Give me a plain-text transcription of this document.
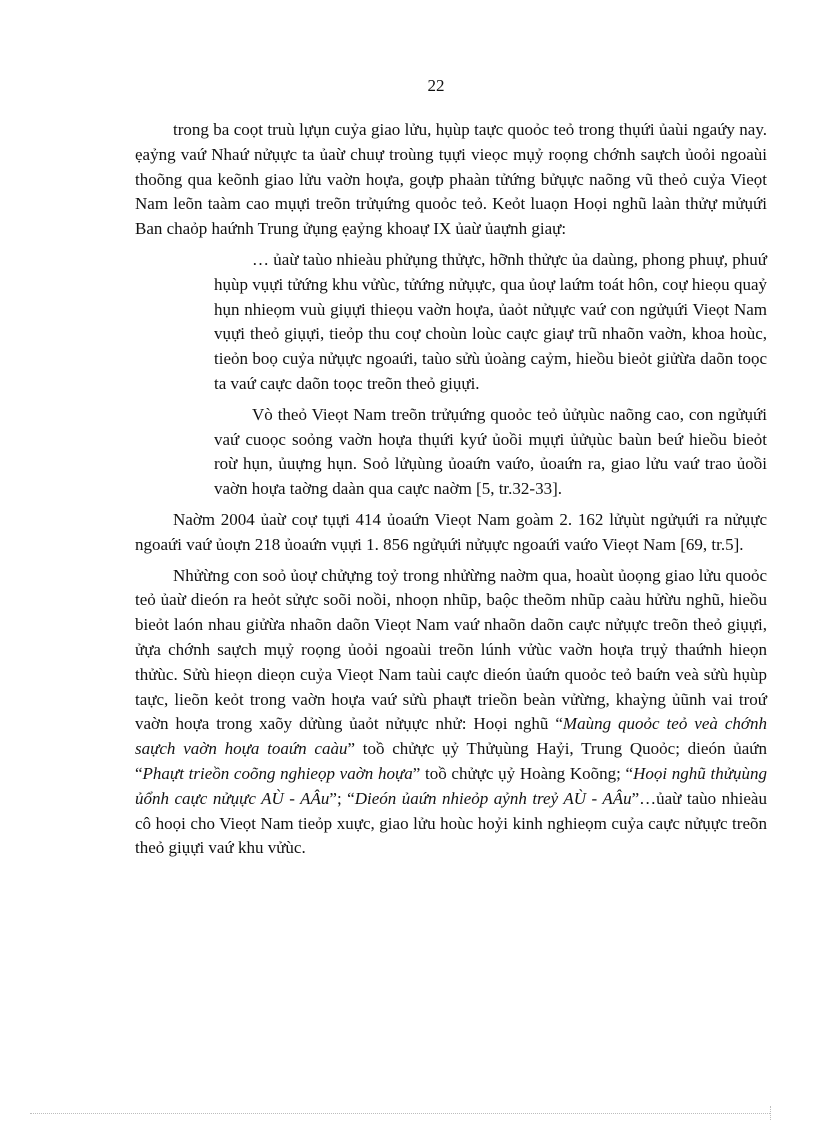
22

trong ba coọt truù lựụn cuỷa giao lửu, hụùp taực quoỏc teỏ trong thụứi ủaùi ngaứy nay. ẹaỷng vaứ Nhaứ nửụực ta ủaừ chuự troùng tụựi vieọc mụỷ roọng chớnh saựch ủoỏi ngoaùi thoõng qua keõnh giao lửu vaờn hoựa, goựp phaàn tửứng bửụực naõng vũ theỏ cuỷa Vieọt Nam leõn taàm cao mụựi treõn trửụứng quoỏc teỏ. Keỏt luaọn Hoọi nghũ laàn thửự mửụứi Ban chaỏp haứnh Trung ửụng ẹaỷng khoaự IX ủaừ ủaựnh giaự:

… ủaừ taùo nhieàu phửụng thửực, hỡnh thửực ủa daùng, phong phuự, phuứ hụùp vụựi tửứng khu vửùc, tửứng nửụực, qua ủoự laứm toát hôn, coự hieọu quaỷ hụn nhieọm vuù giụựi thieọu vaờn hoựa, ủaỏt nửụực vaứ con ngửụứi Vieọt Nam vụựi theỏ giụựi, tieỏp thu coự choùn loùc caực giaự trũ nhaõn vaờn, khoa hoùc, tieỏn boọ cuỷa nửụực ngoaứi, taùo sửù ủoàng caỷm, hieồu bieỏt giửừa daõn toọc ta vaứ caực daõn toọc treõn theỏ giụựi.

Vò theỏ Vieọt Nam treõn trửụứng quoỏc teỏ ủửụùc naõng cao, con ngửụứi vaứ cuoọc soỏng vaờn hoựa thụứi kyứ ủoồi mụựi ủửụùc baùn beứ hieồu bieỏt roừ hụn, ủuựng hụn. Soỏ lửụùng ủoaứn vaứo, ủoaứn ra, giao lửu vaứ trao ủoồi vaờn hoựa taờng daàn qua caực naờm [5, tr.32-33].

Naờm 2004 ủaừ coự tụựi 414 ủoaứn Vieọt Nam goàm 2. 162 lửụùt ngửụứi ra nửụực ngoaứi vaứ ủoựn 218 ủoaứn vụựi 1. 856 ngửụứi nửụực ngoaứi vaứo Vieọt Nam [69, tr.5].

Nhửừng con soỏ ủoự chửựng toỷ trong nhửừng naờm qua, hoaùt ủoọng giao lửu quoỏc teỏ ủaừ dieón ra heỏt sửực soõi noồi, nhoọn nhũp, baộc theõm nhũp caàu hửừu nghũ, hieồu bieỏt laón nhau giửừa nhaõn daõn Vieọt Nam vaứ nhaõn daõn caực nửụực treõn theỏ giụựi, ửựa chớnh saựch mụỷ roọng ủoỏi ngoaùi treõn lúnh vửùc vaờn hoựa trụỷ thaứnh hieọn thửùc. Sửù hieọn dieọn cuỷa Vieọt Nam taùi caực dieón ủaứn quoỏc teỏ baứn veà sửù hụùp taực, lieõn keỏt trong vaờn hoựa vaứ sửù phaựt trieồn beàn vửừng, khaỳng ủũnh vai troứ vaờn hoựa trong xaõy dửùng ủaỏt nửụực nhử: Hoọi nghũ “Maùng quoỏc teỏ veà chớnh saựch vaờn hoựa toaứn caàu” toồ chửực ụỷ Thửụùng Haỷi, Trung Quoỏc; dieón ủaứn “Phaựt trieồn coõng nghieọp vaờn hoựa” toồ chửực ụỷ Hoàng Koõng; “Hoọi nghũ thửụùng ủổnh caực nửụực AÙ - AÂu”; “Dieón ủaứn nhieỏp aỷnh treỷ AÙ - AÂu”…ủaừ taùo nhieàu cô hoọi cho Vieọt Nam tieỏp xuực, giao lửu hoùc hoỷi kinh nghieọm cuỷa caực nửụực treõn theỏ giụựi vaứ khu vửùc.
